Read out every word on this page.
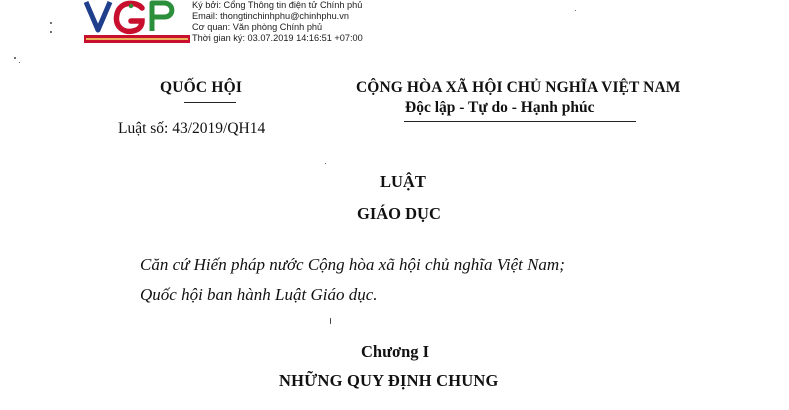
Ký bởi: Cổng Thông tin điện tử Chính phủ
Email: thongtinchinhphu@chinhphu.vn
Cơ quan: Văn phòng Chính phủ
Thời gian ký: 03.07.2019 14:16:51 +07:00
QUỐC HỘI
Luật số: 43/2019/QH14
CỘNG HÒA XÃ HỘI CHỦ NGHĨA VIỆT NAM
Độc lập - Tự do - Hạnh phúc
LUẬT
GIÁO DỤC
Căn cứ Hiến pháp nước Cộng hòa xã hội chủ nghĩa Việt Nam;
Quốc hội ban hành Luật Giáo dục.
Chương I
NHỮNG QUY ĐỊNH CHUNG
